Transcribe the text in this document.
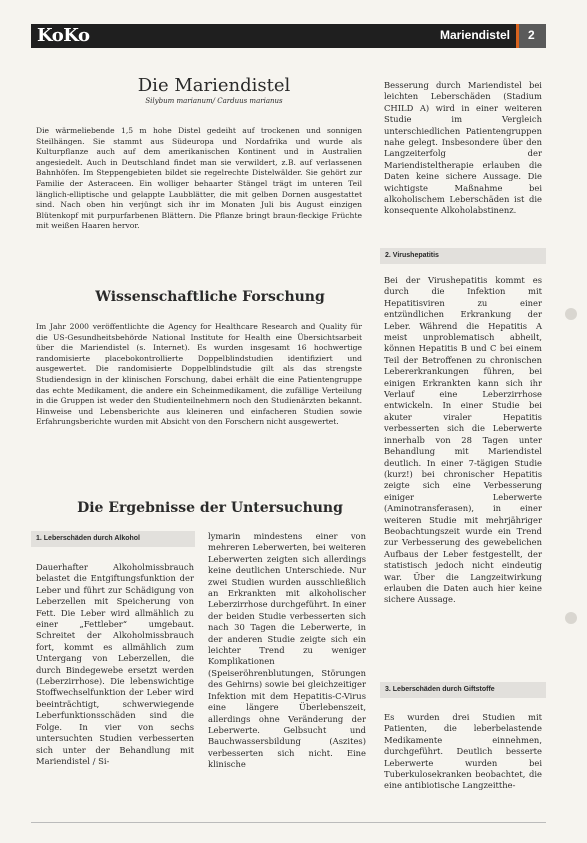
KoKo	Mariendistel 2
Die Mariendistel
Silybum marianum/ Carduus marianus

Die wärmeliebende 1,5 m hohe Distel gedeiht auf trockenen und sonnigen Steilhängen. Sie stammt aus Südeuropa und Nordafrika und wurde als Kulturpflanze auch auf dem amerikanischen Kontinent und in Australien angesiedelt. Auch in Deutschland findet man sie verwildert, z.B. auf verlassenen Bahnhöfen. Im Steppengebieten bildet sie regelrechte Distelwälder. Sie gehört zur Familie der Asteraceen. Ein wolliger behaarter Stängel trägt im unteren Teil länglich-elliptische und gelappte Laubblätter, die mit gelben Dornen ausgestattet sind. Nach oben hin verjüngt sich ihr im Monaten Juli bis August einzigen Blütenkopf mit purpurfarbenen Blättern. Die Pflanze bringt braun-fleckige Früchte mit weißen Haaren hervor.

Wissenschaftliche Forschung

Im Jahr 2000 veröffentlichte die Agency for Healthcare Research and Quality für die US-Gesundheitsbehörde National Institute for Health eine Übersichtsarbeit über die Mariendistel (s. Internet). Es wurden insgesamt 16 hochwertige randomisierte placebokontrollierte Doppelblindstudien identifiziert und ausgewertet. Die randomisierte Doppelblindstudie gilt als das strengste Studiendesign in der klinischen Forschung, dabei erhält die eine Patientengruppe das echte Medikament, die andere ein Scheinmedikament, die zufällige Verteilung in die Gruppen ist weder den Studienteilnehmern noch den Studienärzten bekannt. Hinweise und Lebensberichte aus kleineren und einfacheren Studien sowie Erfahrungsberichte wurden mit Absicht von den Forschern nicht ausgewertet.

Die Ergebnisse der Untersuchung
1. Leberschäden durch Alkohol

Dauerhafter Alkoholmissbrauch belastet die Entgiftungsfunktion der Leber und führt zur Schädigung von Leberzellen mit Speicherung von Fett. Die Leber wird allmählich zu einer „Fettleber“ umgebaut. Schreitet der Alkoholmissbrauch fort, kommt es allmählich zum Untergang von Leberzellen, die durch Bindegewebe ersetzt werden (Leberzirrhose). Die lebenswichtige Stoffwechselfunktion der Leber wird beeinträchtigt, schwerwiegende Leberfunktionsschäden sind die Folge. In vier von sechs untersuchten Studien verbesserten sich unter der Behandlung mit Mariendistel / Si-

lymarin mindestens einer von mehreren Leberwerten, bei weiteren Leberwerten zeigten sich allerdings keine deutlichen Unterschiede. Nur zwei Studien wurden ausschließlich an Erkrankten mit alkoholischer Leberzirrhose durchgeführt. In einer der beiden Studie verbesserten sich nach 30 Tagen die Leberwerte, in der anderen Studie zeigte sich ein leichter Trend zu weniger Komplikationen (Speiseröhrenblutungen, Störungen des Gehirns) sowie bei gleichzeitiger Infektion mit dem Hepatitis-C-Virus eine längere Überlebenszeit, allerdings ohne Veränderung der Leberwerte. Gelbsucht und Bauchwassersbildung (Aszites) verbesserten sich nicht. Eine klinische

Besserung durch Mariendistel bei leichten Leberschäden (Stadium CHILD A) wird in einer weiteren Studie im Vergleich unterschiedlichen Patientengruppen nahe gelegt. Insbesondere über den Langzeiterfolg der Mariendisteltherapie erlauben die Daten keine sichere Aussage. Die wichtigste Maßnahme bei alkoholischem Leberschäden ist die konsequente Alkoholabstinenz.

2. Virushepatitis

Bei der Virushepatitis kommt es durch die Infektion mit Hepatitisviren zu einer entzündlichen Erkrankung der Leber. Während die Hepatitis A meist unproblematisch abheilt, können Hepatitis B und C bei einem Teil der Betroffenen zu chronischen Lebererkrankungen führen, bei einigen Erkrankten kann sich ihr Verlauf eine Leberzirrhose entwickeln. In einer Studie bei akuter viraler Hepatitis verbesserten sich die Leberwerte innerhalb von 28 Tagen unter Behandlung mit Mariendistel deutlich. In einer 7-tägigen Studie (kurz!) bei chronischer Hepatitis zeigte sich eine Verbesserung einiger Leberwerte (Aminotransferasen), in einer weiteren Studie mit mehrjähriger Beobachtungszeit wurde ein Trend zur Verbesserung des gewebelichen Aufbaus der Leber festgestellt, der statistisch jedoch nicht eindeutig war. Über die Langzeitwirkung erlauben die Daten auch hier keine sichere Aussage.

3. Leberschäden durch Giftstoffe

Es wurden drei Studien mit Patienten, die leberbelastende Medikamente einnehmen, durchgeführt. Deutlich besserte Leberwerte wurden bei Tuberkulosekranken beobachtet, die eine antibiotische Langzeitthe-
